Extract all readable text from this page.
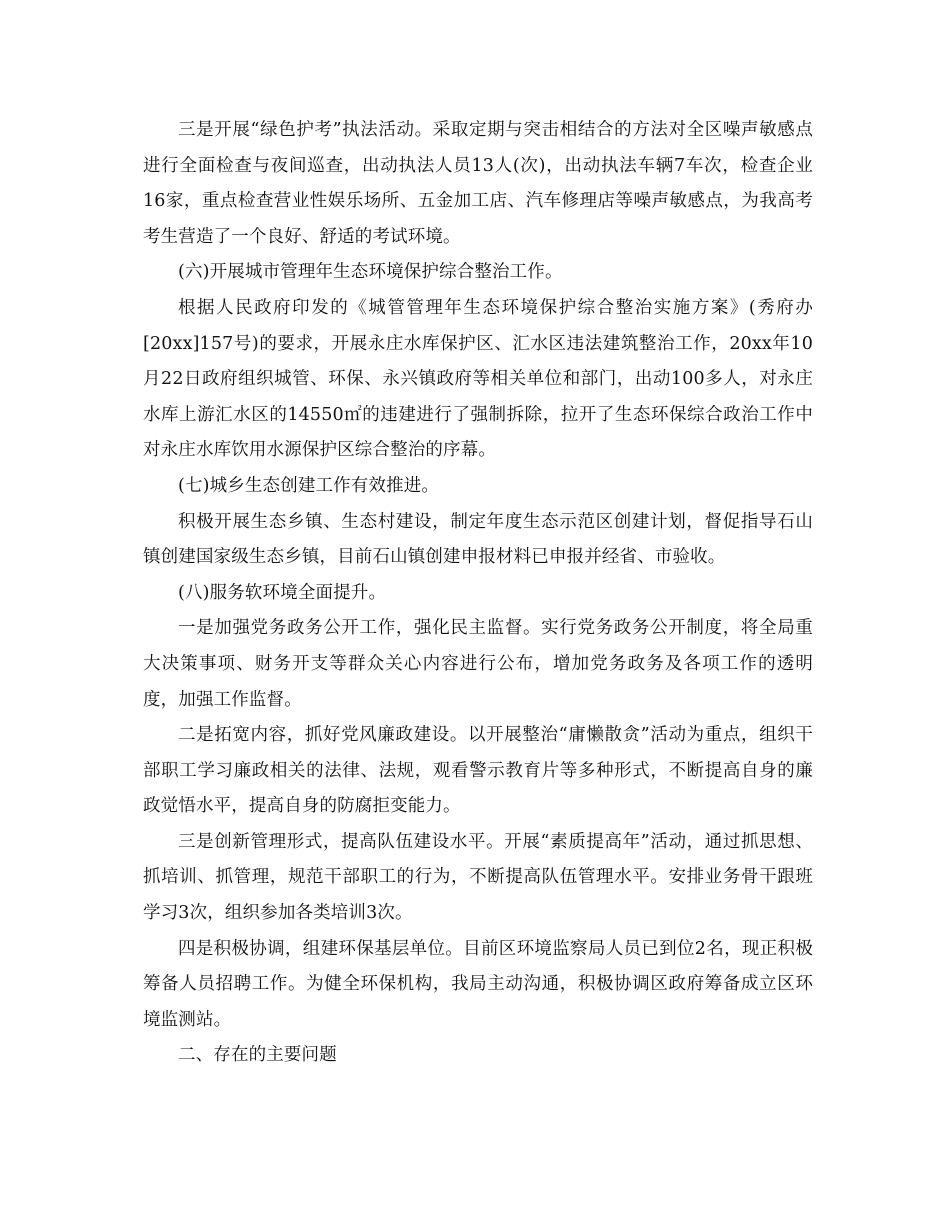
三是开展“绿色护考”执法活动。采取定期与突击相结合的方法对全区噪声敏感点进行全面检查与夜间巡查，出动执法人员13人(次)，出动执法车辆7车次，检查企业16家，重点检查营业性娱乐场所、五金加工店、汽车修理店等噪声敏感点，为我高考考生营造了一个良好、舒适的考试环境。

(六)开展城市管理年生态环境保护综合整治工作。

根据人民政府印发的《城管管理年生态环境保护综合整治实施方案》(秀府办[20xx]157号)的要求，开展永庄水库保护区、汇水区违法建筑整治工作，20xx年10月22日政府组织城管、环保、永兴镇政府等相关单位和部门，出动100多人，对永庄水库上游汇水区的14550㎡的违建进行了强制拆除，拉开了生态环保综合政治工作中对永庄水库饮用水源保护区综合整治的序幕。

(七)城乡生态创建工作有效推进。

积极开展生态乡镇、生态村建设，制定年度生态示范区创建计划，督促指导石山镇创建国家级生态乡镇，目前石山镇创建申报材料已申报并经省、市验收。

(八)服务软环境全面提升。

一是加强党务政务公开工作，强化民主监督。实行党务政务公开制度，将全局重大决策事项、财务开支等群众关心内容进行公布，增加党务政务及各项工作的透明度，加强工作监督。

二是拓宽内容，抓好党风廉政建设。以开展整治“庸懒散贪”活动为重点，组织干部职工学习廉政相关的法律、法规，观看警示教育片等多种形式，不断提高自身的廉政觉悟水平，提高自身的防腐拒变能力。

三是创新管理形式，提高队伍建设水平。开展“素质提高年”活动，通过抓思想、抓培训、抓管理，规范干部职工的行为，不断提高队伍管理水平。安排业务骨干跟班学习3次，组织参加各类培训3次。

四是积极协调，组建环保基层单位。目前区环境监察局人员已到位2名，现正积极筹备人员招聘工作。为健全环保机构，我局主动沟通，积极协调区政府筹备成立区环境监测站。

二、存在的主要问题
